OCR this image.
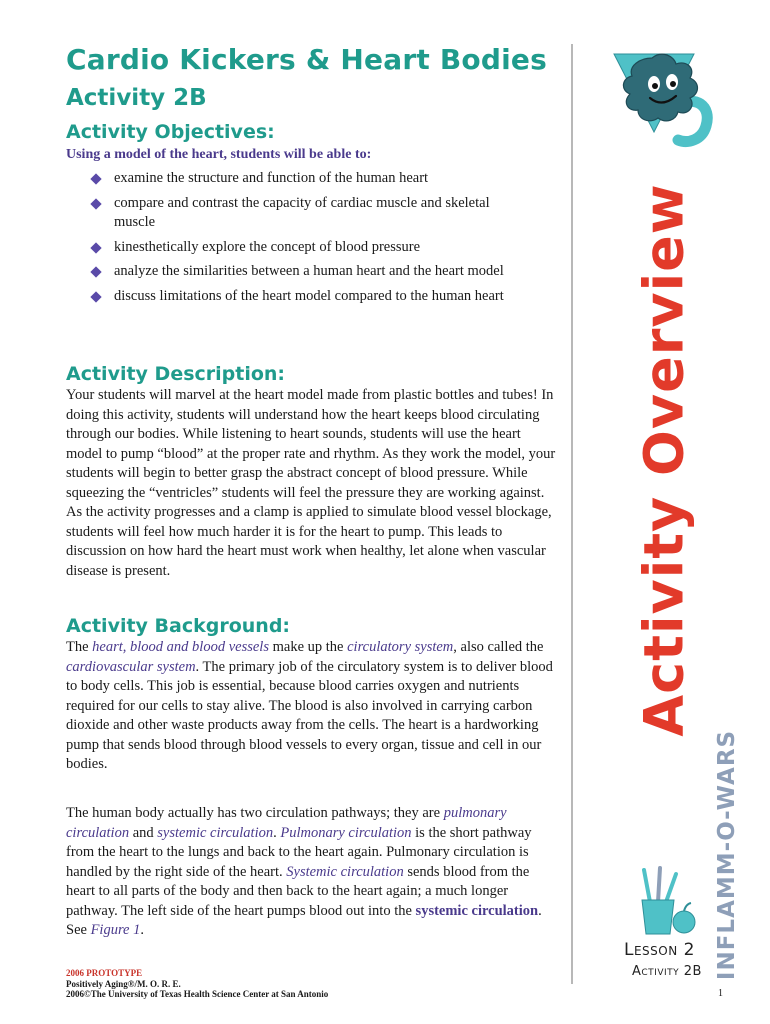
Cardio Kickers & Heart Bodies
Activity 2B
Activity Objectives:

Using a model of the heart, students will be able to:

examine the structure and function of the human heart
compare and contrast the capacity of cardiac muscle and skeletal muscle
kinesthetically explore the concept of blood pressure
analyze the similarities between a human heart and the heart model
discuss limitations of the heart model compared to the human heart
Activity Description:

Your students will marvel at the heart model made from plastic bottles and tubes! In doing this activity, students will understand how the heart keeps blood circulating through our bodies. While listening to heart sounds, students will use the heart model to pump “blood” at the proper rate and rhythm. As they work the model, your students will begin to better grasp the abstract concept of blood pressure. While squeezing the “ventricles” students will feel the pressure they are working against. As the activity progresses and a clamp is applied to simulate blood vessel blockage, students will feel how much harder it is for the heart to pump. This leads to discussion on how hard the heart must work when healthy, let alone when vascular disease is present.

Activity Background:

The heart, blood and blood vessels make up the circulatory system, also called the cardiovascular system. The primary job of the circulatory system is to deliver blood to body cells. This job is essential, because blood carries oxygen and nutrients required for our cells to stay alive. The blood is also involved in carrying carbon dioxide and other waste products away from the cells. The heart is a hardworking pump that sends blood through blood vessels to every organ, tissue and cell in our bodies.

The human body actually has two circulation pathways; they are pulmonary circulation and systemic circulation. Pulmonary circulation is the short pathway from the heart to the lungs and back to the heart again. Pulmonary circulation is handled by the right side of the heart. Systemic circulation sends blood from the heart to all parts of the body and then back to the heart again; a much longer pathway. The left side of the heart pumps blood out into the systemic circulation. See Figure 1.

Activity Overview
INFLAMM-O-WARS
Lesson 2
Activity 2B
2006 PROTOTYPE
Positively Aging®/M. O. R. E.
2006©The University of Texas Health Science Center at San Antonio	1
